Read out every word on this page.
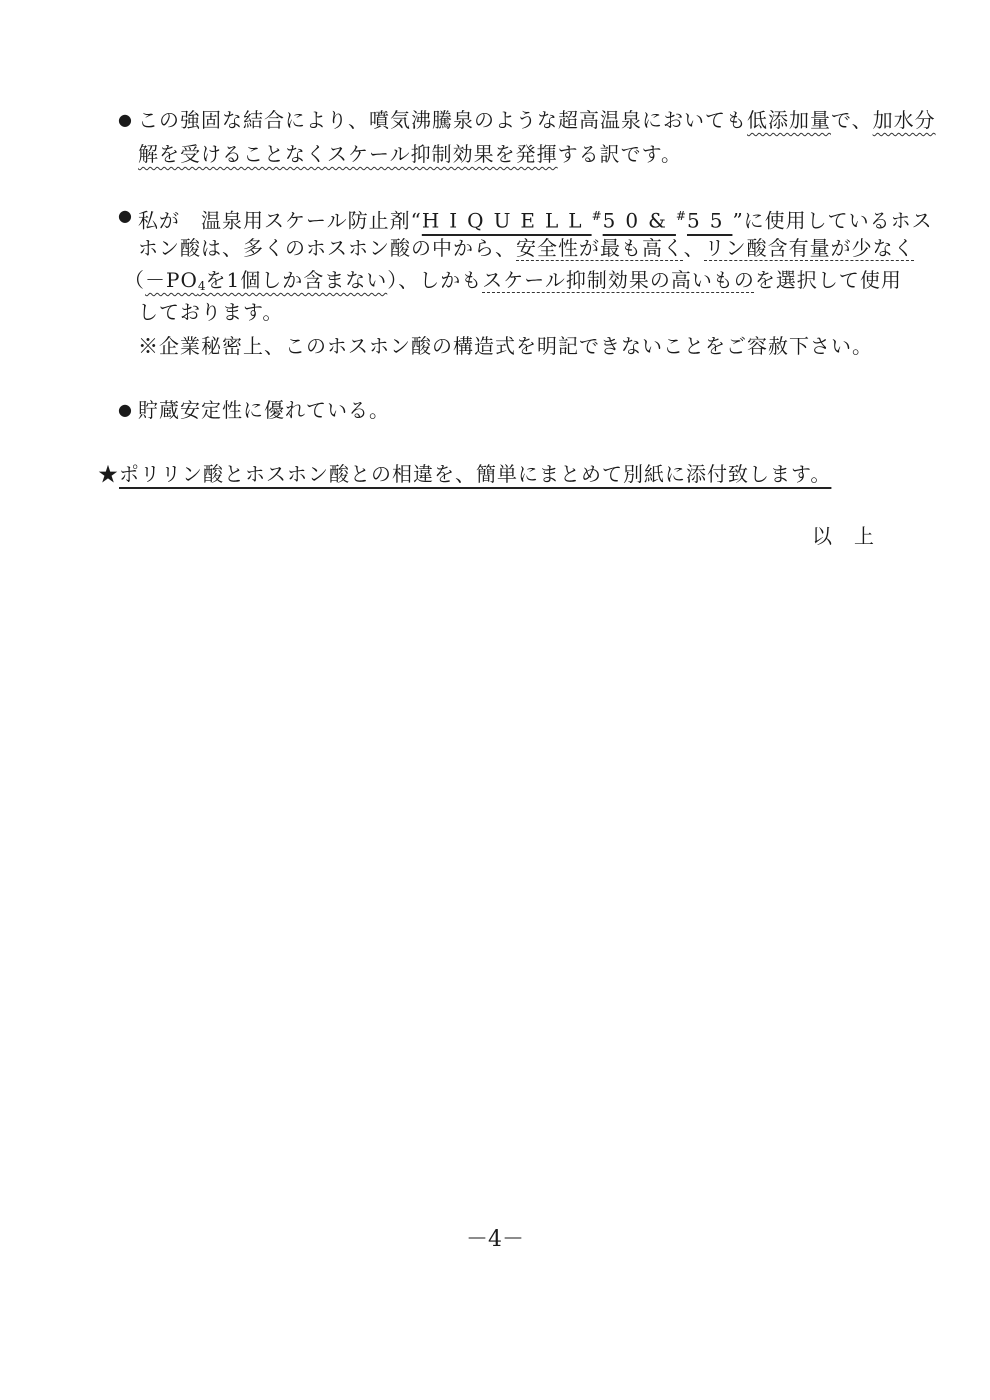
● この強固な結合により、噴気沸騰泉のような超高温泉においても低添加量で、加水分
解を受けることなくスケール抑制効果を発揮する訳です。
● 私が　温泉用スケール防止剤“HIQUELL#50&#55”に使用しているホス
ホン酸は、多くのホスホン酸の中から、安全性が最も高く、リン酸含有量が少なく
（$-PO_4$を1個しか含まない）、しかもスケール抑制効果の高いものを選択して使用
しております。
※企業秘密上、このホスホン酸の構造式を明記できないことをご容赦下さい。
● 貯蔵安定性に優れている。
★ポリリン酸とホスホン酸との相違を、簡単にまとめて別紙に添付致します。
以　上
－4－
